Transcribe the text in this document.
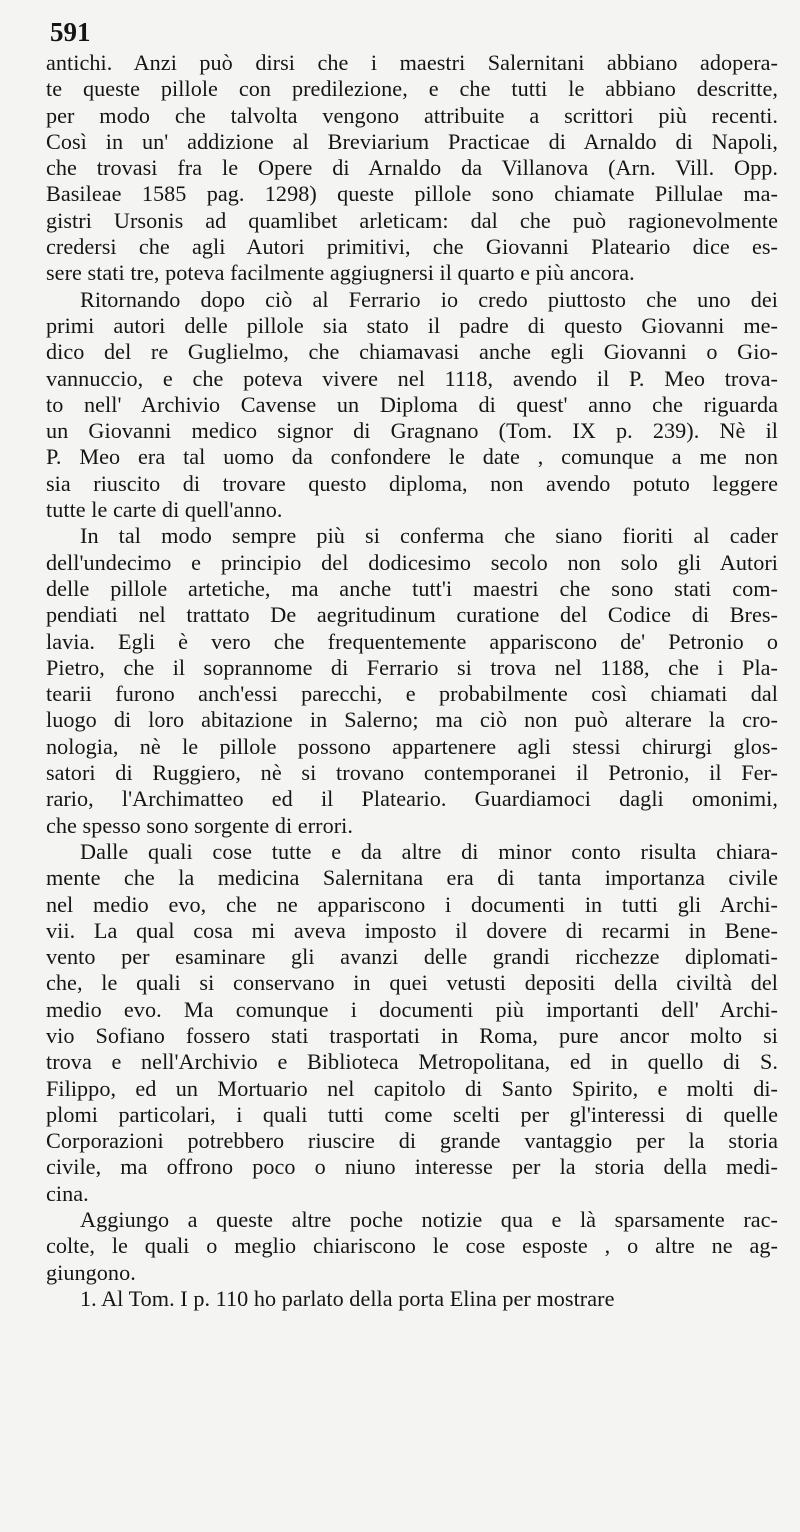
591
antichi. Anzi può dirsi che i maestri Salernitani abbiano adopera-
te queste pillole con predilezione, e che tutti le abbiano descritte,
per modo che talvolta vengono attribuite a scrittori più recenti.
Così in un' addizione al Breviarium Practicae di Arnaldo di Napoli,
che trovasi fra le Opere di Arnaldo da Villanova (Arn. Vill. Opp.
Basileae 1585 pag. 1298) queste pillole sono chiamate Pillulae ma-
gistri Ursonis ad quamlibet arleticam: dal che può ragionevolmente
credersi che agli Autori primitivi, che Giovanni Plateario dice es-
sere stati tre, poteva facilmente aggiugnersi il quarto e più ancora.
Ritornando dopo ciò al Ferrario io credo piuttosto che uno dei
primi autori delle pillole sia stato il padre di questo Giovanni me-
dico del re Guglielmo, che chiamavasi anche egli Giovanni o Gio-
vannuccio, e che poteva vivere nel 1118, avendo il P. Meo trova-
to nell' Archivio Cavense un Diploma di quest' anno che riguarda
un Giovanni medico signor di Gragnano (Tom. IX p. 239). Nè il
P. Meo era tal uomo da confondere le date , comunque a me non
sia riuscito di trovare questo diploma, non avendo potuto leggere
tutte le carte di quell'anno.
In tal modo sempre più si conferma che siano fioriti al cader
dell'undecimo e principio del dodicesimo secolo non solo gli Autori
delle pillole artetiche, ma anche tutt'i maestri che sono stati com-
pendiati nel trattato De aegritudinum curatione del Codice di Bres-
lavia. Egli è vero che frequentemente appariscono de' Petronio o
Pietro, che il soprannome di Ferrario si trova nel 1188, che i Pla-
tearii furono anch'essi parecchi, e probabilmente così chiamati dal
luogo di loro abitazione in Salerno; ma ciò non può alterare la cro-
nologia, nè le pillole possono appartenere agli stessi chirurgi glos-
satori di Ruggiero, nè si trovano contemporanei il Petronio, il Fer-
rario, l'Archimatteo ed il Plateario. Guardiamoci dagli omonimi,
che spesso sono sorgente di errori.
Dalle quali cose tutte e da altre di minor conto risulta chiara-
mente che la medicina Salernitana era di tanta importanza civile
nel medio evo, che ne appariscono i documenti in tutti gli Archi-
vii. La qual cosa mi aveva imposto il dovere di recarmi in Bene-
vento per esaminare gli avanzi delle grandi ricchezze diplomati-
che, le quali si conservano in quei vetusti depositi della civiltà del
medio evo. Ma comunque i documenti più importanti dell' Archi-
vio Sofiano fossero stati trasportati in Roma, pure ancor molto si
trova e nell'Archivio e Biblioteca Metropolitana, ed in quello di S.
Filippo, ed un Mortuario nel capitolo di Santo Spirito, e molti di-
plomi particolari, i quali tutti come scelti per gl'interessi di quelle
Corporazioni potrebbero riuscire di grande vantaggio per la storia
civile, ma offrono poco o niuno interesse per la storia della medi-
cina.
Aggiungo a queste altre poche notizie qua e là sparsamente rac-
colte, le quali o meglio chiariscono le cose esposte , o altre ne ag-
giungono.
1. Al Tom. I p. 110 ho parlato della porta Elina per mostrare
